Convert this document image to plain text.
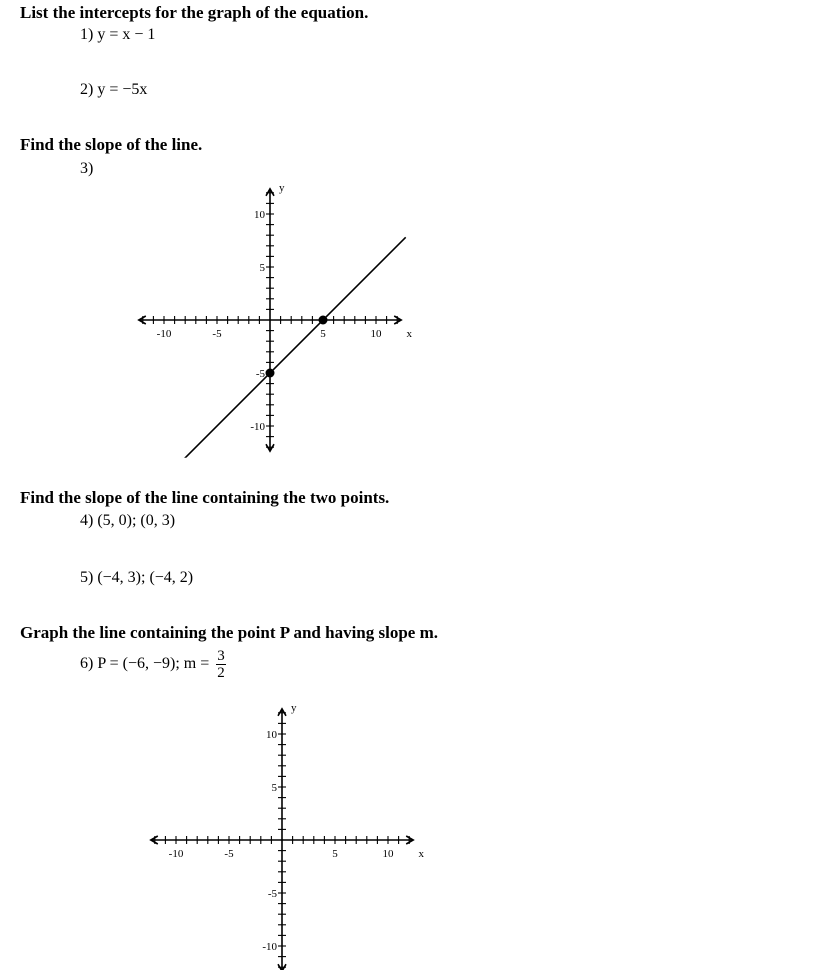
List the intercepts for the graph of the equation.
1) y = x − 1
2) y = −5x
Find the slope of the line.
3)
-10	-5	5	10
10
5
-5
-10
x
y
Find the slope of the line containing the two points.
4) (5, 0); (0, 3)
5) (−4, 3); (−4, 2)
Graph the line containing the point P and having slope m.
6) P = (−6, −9); $m = \frac{3}{2}$
-10	-5	5	10
10
5
-5
-10
x
y
